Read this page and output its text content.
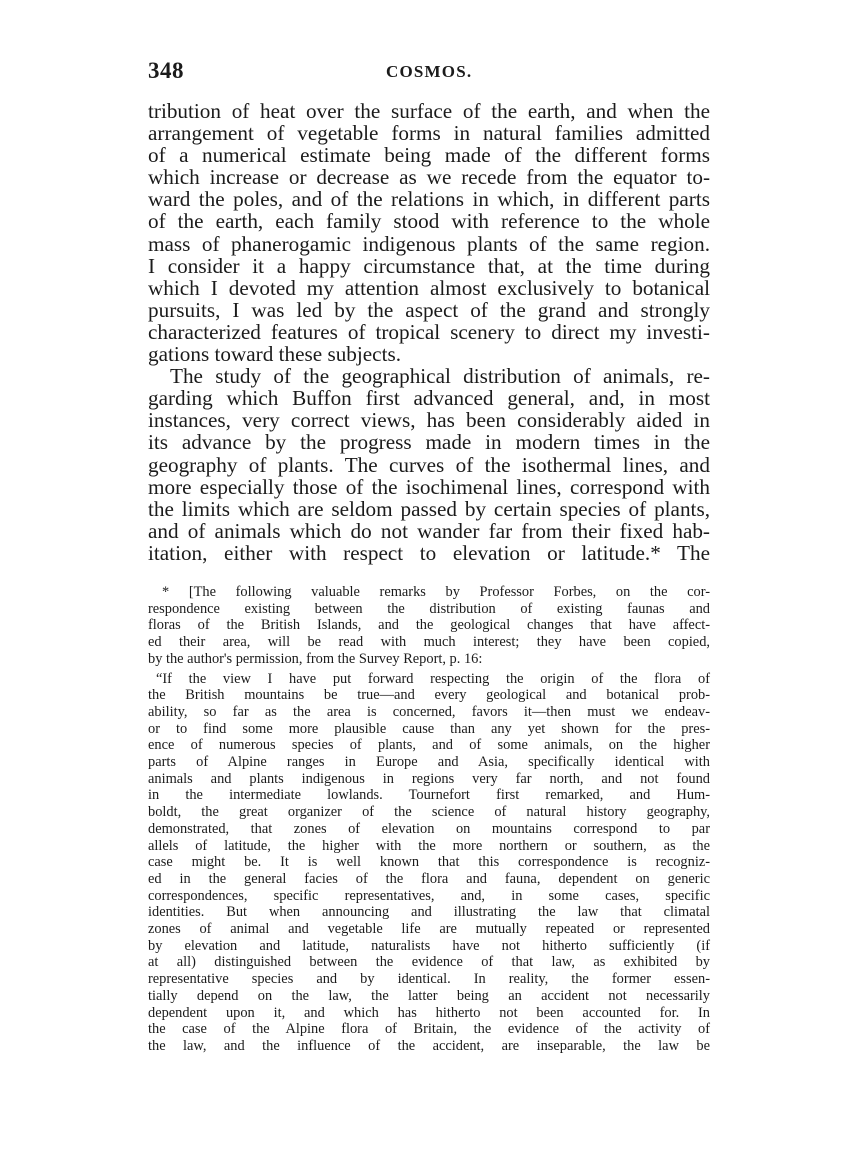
348	COSMOS.
tribution of heat over the surface of the earth, and when the
arrangement of vegetable forms in natural families admitted
of a numerical estimate being made of the different forms
which increase or decrease as we recede from the equator to-
ward the poles, and of the relations in which, in different parts
of the earth, each family stood with reference to the whole
mass of phanerogamic indigenous plants of the same region.
I consider it a happy circumstance that, at the time during
which I devoted my attention almost exclusively to botanical
pursuits, I was led by the aspect of the grand and strongly
characterized features of tropical scenery to direct my investi-
gations toward these subjects.
The study of the geographical distribution of animals, re-
garding which Buffon first advanced general, and, in most
instances, very correct views, has been considerably aided in
its advance by the progress made in modern times in the
geography of plants. The curves of the isothermal lines, and
more especially those of the isochimenal lines, correspond with
the limits which are seldom passed by certain species of plants,
and of animals which do not wander far from their fixed hab-
itation, either with respect to elevation or latitude.* The
* [The following valuable remarks by Professor Forbes, on the cor-
respondence existing between the distribution of existing faunas and
floras of the British Islands, and the geological changes that have affect-
ed their area, will be read with much interest; they have been copied,
by the author's permission, from the Survey Report, p. 16:
“If the view I have put forward respecting the origin of the flora of
the British mountains be true—and every geological and botanical prob-
ability, so far as the area is concerned, favors it—then must we endeav-
or to find some more plausible cause than any yet shown for the pres-
ence of numerous species of plants, and of some animals, on the higher
parts of Alpine ranges in Europe and Asia, specifically identical with
animals and plants indigenous in regions very far north, and not found
in the intermediate lowlands. Tournefort first remarked, and Hum-
boldt, the great organizer of the science of natural history geography,
demonstrated, that zones of elevation on mountains correspond to par
allels of latitude, the higher with the more northern or southern, as the
case might be. It is well known that this correspondence is recogniz-
ed in the general facies of the flora and fauna, dependent on generic
correspondences, specific representatives, and, in some cases, specific
identities. But when announcing and illustrating the law that climatal
zones of animal and vegetable life are mutually repeated or represented
by elevation and latitude, naturalists have not hitherto sufficiently (if
at all) distinguished between the evidence of that law, as exhibited by
representative species and by identical. In reality, the former essen-
tially depend on the law, the latter being an accident not necessarily
dependent upon it, and which has hitherto not been accounted for. In
the case of the Alpine flora of Britain, the evidence of the activity of
the law, and the influence of the accident, are inseparable, the law be
